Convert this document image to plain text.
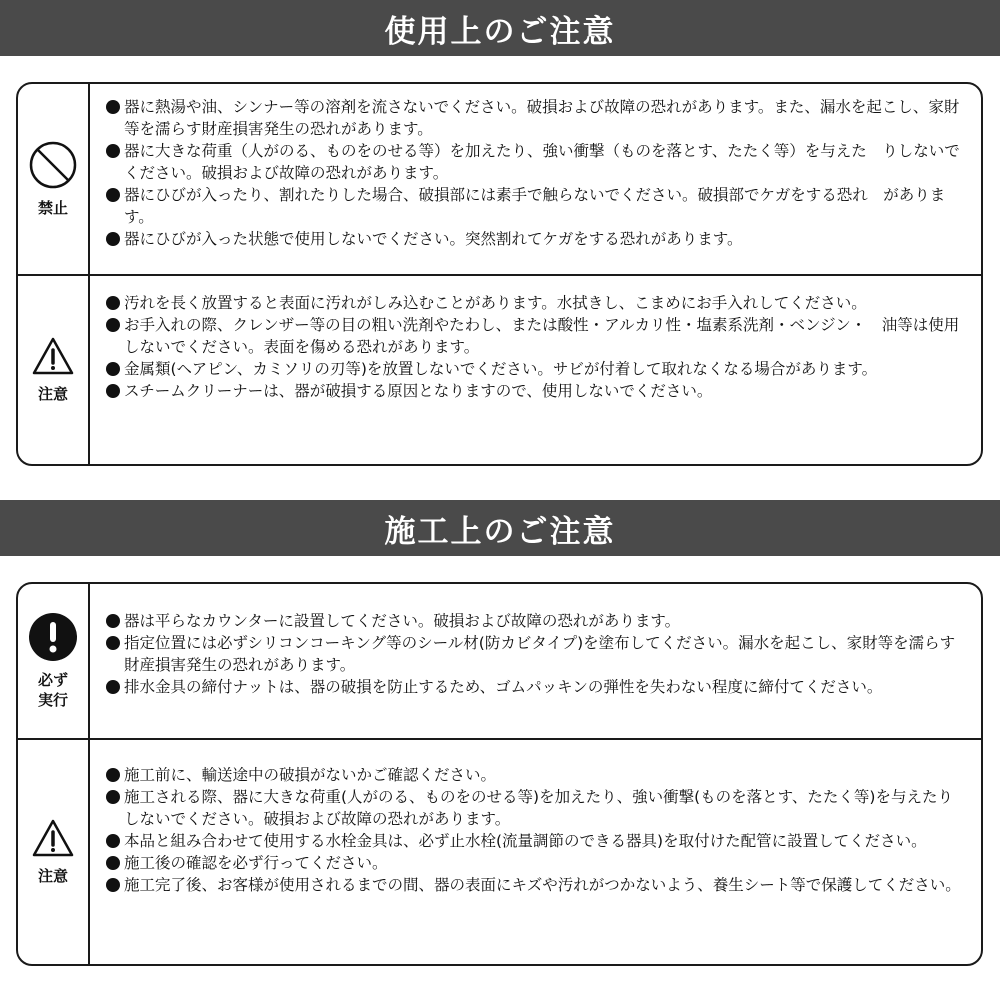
使用上のご注意
禁止
器に熱湯や油、シンナー等の溶剤を流さないでください。破損および故障の恐れがあります。また、漏水を起こし、家財等を濡らす財産損害発生の恐れがあります。
器に大きな荷重（人がのる、ものをのせる等）を加えたり、強い衝撃（ものを落とす、たたく等）を与えた　りしないでください。破損および故障の恐れがあります。
器にひびが入ったり、割れたりした場合、破損部には素手で触らないでください。破損部でケガをする恐れ　があります。
器にひびが入った状態で使用しないでください。突然割れてケガをする恐れがあります。
注意
汚れを長く放置すると表面に汚れがしみ込むことがあります。水拭きし、こまめにお手入れしてください。
お手入れの際、クレンザー等の目の粗い洗剤やたわし、または酸性・アルカリ性・塩素系洗剤・ベンジン・　油等は使用しないでください。表面を傷める恐れがあります。
金属類(ヘアピン、カミソリの刃等)を放置しないでください。サビが付着して取れなくなる場合があります。
スチームクリーナーは、器が破損する原因となりますので、使用しないでください。
施工上のご注意
必ず
実行
器は平らなカウンターに設置してください。破損および故障の恐れがあります。
指定位置には必ずシリコンコーキング等のシール材(防カビタイプ)を塗布してください。漏水を起こし、家財等を濡らす財産損害発生の恐れがあります。
排水金具の締付ナットは、器の破損を防止するため、ゴムパッキンの弾性を失わない程度に締付てください。
注意
施工前に、輸送途中の破損がないかご確認ください。
施工される際、器に大きな荷重(人がのる、ものをのせる等)を加えたり、強い衝撃(ものを落とす、たたく等)を与えたりしないでください。破損および故障の恐れがあります。
本品と組み合わせて使用する水栓金具は、必ず止水栓(流量調節のできる器具)を取付けた配管に設置してください。
施工後の確認を必ず行ってください。
施工完了後、お客様が使用されるまでの間、器の表面にキズや汚れがつかないよう、養生シート等で保護してください。
